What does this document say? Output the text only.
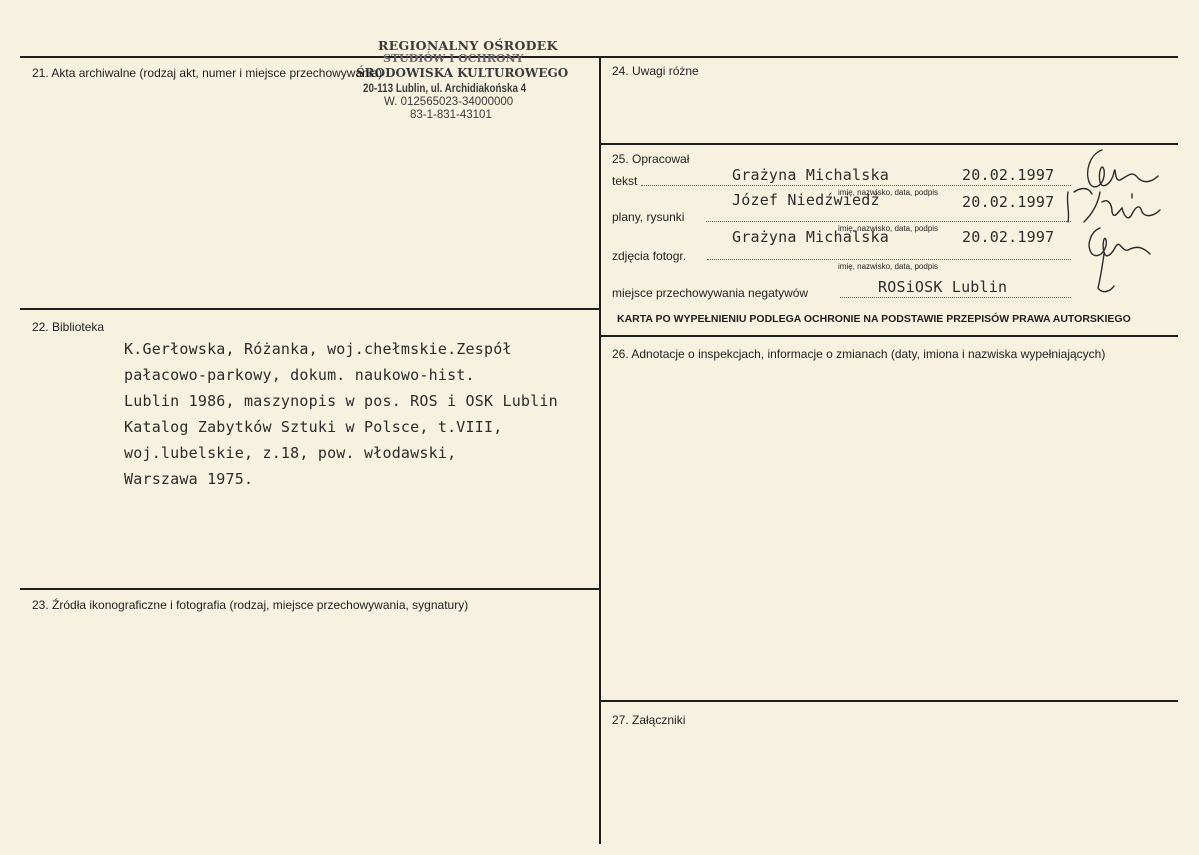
REGIONALNY OŚRODEK
STUDIÓW I OCHRONY
ŚRODOWISKA KULTUROWEGO
20-113 Lublin, ul. Archidiakońska 4
W. 012565023-34000000
83-1-831-43101
21. Akta archiwalne (rodzaj akt, numer i miejsce przechowywania)
22. Biblioteka
K.Gerłowska, Różanka, woj.chełmskie.Zespół
pałacowo-parkowy, dokum. naukowo-hist.
Lublin 1986, maszynopis w pos. ROS i OSK Lublin
Katalog Zabytków Sztuki w Polsce, t.VIII,
woj.lubelskie, z.18, pow. włodawski,
Warszawa 1975.
23. Źródła ikonograficzne i fotografia (rodzaj, miejsce przechowywania, sygnatury)
24. Uwagi różne
25. Opracował
tekst	Grażyna Michalska	20.02.1997
imię, nazwisko, data, podpis
plany, rysunki
Józef Niedźwiedź	20.02.1997
imię, nazwisko, data, podpis
zdjęcia fotogr.
Grażyna Michalska	20.02.1997
imię, nazwisko, data, podpis
miejsce przechowywania negatywów	ROSiOSK Lublin
KARTA PO WYPEŁNIENIU PODLEGA OCHRONIE NA PODSTAWIE PRZEPISÓW PRAWA AUTORSKIEGO
26. Adnotacje o inspekcjach, informacje o zmianach (daty, imiona i nazwiska wypełniających)
27. Załączniki
